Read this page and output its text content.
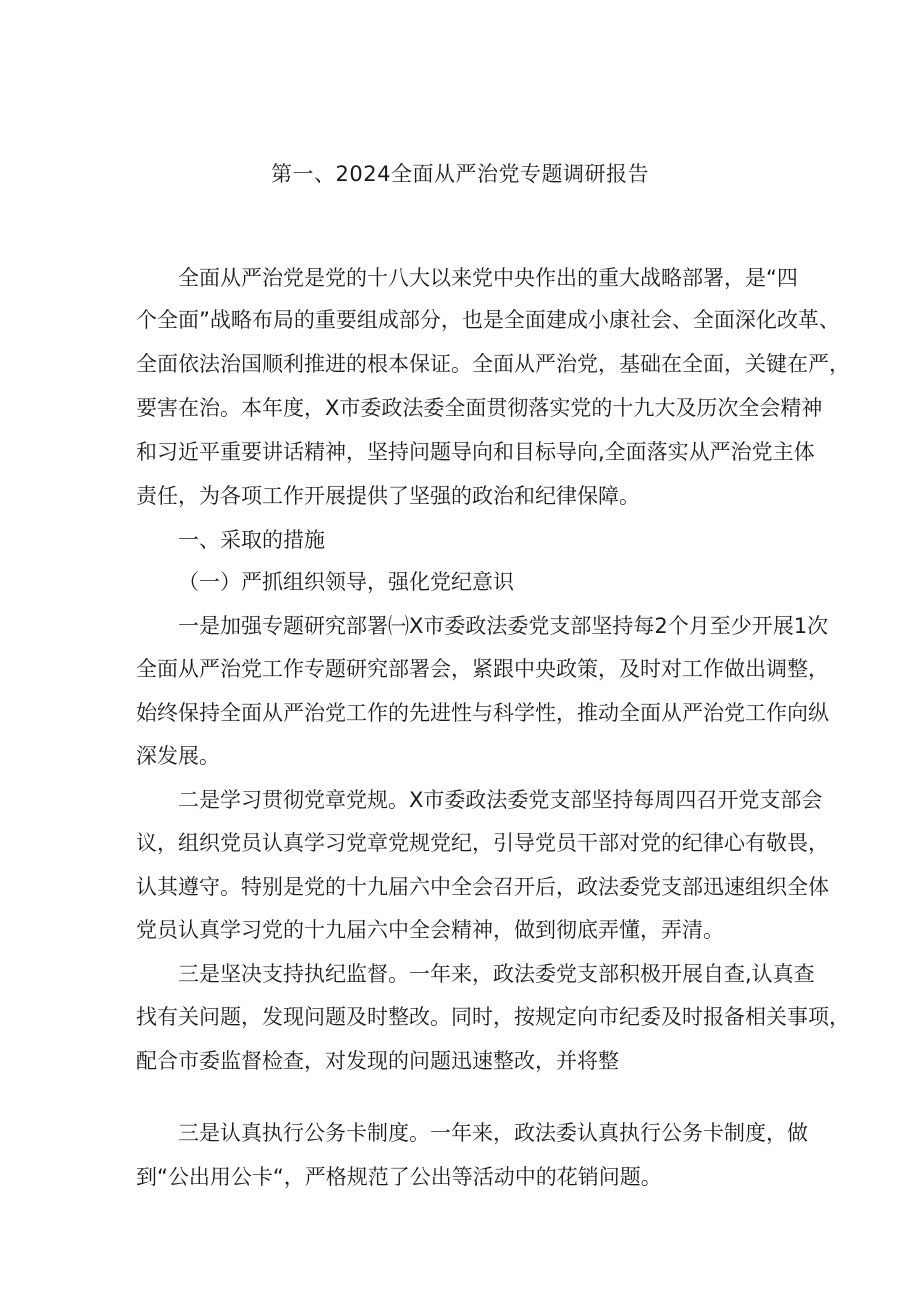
第一、2024全面从严治党专题调研报告
全面从严治党是党的十八大以来党中央作出的重大战略部署，是“四
个全面”战略布局的重要组成部分，也是全面建成小康社会、全面深化改革、
全面依法治国顺利推进的根本保证。全面从严治党，基础在全面，关键在严，
要害在治。本年度，X市委政法委全面贯彻落实党的十九大及历次全会精神
和习近平重要讲话精神，坚持问题导向和目标导向,全面落实从严治党主体
责任，为各项工作开展提供了坚强的政治和纪律保障。
一、采取的措施
（一）严抓组织领导，强化党纪意识
一是加强专题研究部署㈠X市委政法委党支部坚持每2个月至少开展1次
全面从严治党工作专题研究部署会，紧跟中央政策，及时对工作做出调整，
始终保持全面从严治党工作的先进性与科学性，推动全面从严治党工作向纵
深发展。
二是学习贯彻党章党规。X市委政法委党支部坚持每周四召开党支部会
议，组织党员认真学习党章党规党纪，引导党员干部对党的纪律心有敬畏，
认其遵守。特别是党的十九届六中全会召开后，政法委党支部迅速组织全体
党员认真学习党的十九届六中全会精神，做到彻底弄懂，弄清。
三是坚决支持执纪监督。一年来，政法委党支部积极开展自查,认真查
找有关问题，发现问题及时整改。同时，按规定向市纪委及时报备相关事项，
配合市委监督检查，对发现的问题迅速整改，并将整
三是认真执行公务卡制度。一年来，政法委认真执行公务卡制度，做
到“公出用公卡“，严格规范了公出等活动中的花销问题。
